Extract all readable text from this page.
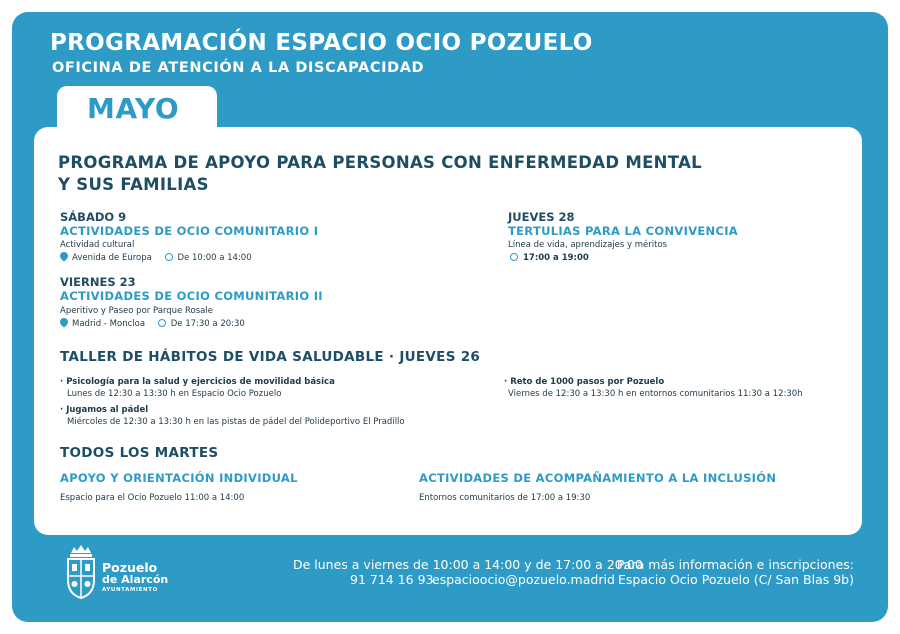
PROGRAMACIÓN ESPACIO OCIO POZUELO
OFICINA DE ATENCIÓN A LA DISCAPACIDAD
MAYO
PROGRAMA DE APOYO PARA PERSONAS CON ENFERMEDAD MENTAL
Y SUS FAMILIAS
SÁBADO 9
ACTIVIDADES DE OCIO COMUNITARIO I
Actividad cultural
Avenida de Europa	De 10:00 a 14:00
VIERNES 23
ACTIVIDADES DE OCIO COMUNITARIO II
Aperitivo y Paseo por Parque Rosale
Madrid - Moncloa	De 17:30 a 20:30
JUEVES 28
TERTULIAS PARA LA CONVIVENCIA
Línea de vida, aprendizajes y méritos
17:00 a 19:00
TALLER DE HÁBITOS DE VIDA SALUDABLE · JUEVES 26
· Psicología para la salud y ejercicios de movilidad básica
Lunes de 12:30 a 13:30 h en Espacio Ocio Pozuelo
· Jugamos al pádel
Miércoles de 12:30 a 13:30 h en las pistas de pádel del Polideportivo El Pradillo
· Reto de 1000 pasos por Pozuelo
Viernes de 12:30 a 13:30 h en entornos comunitarios 11:30 a 12:30h
TODOS LOS MARTES
APOYO Y ORIENTACIÓN INDIVIDUAL
Espacio para el Ocio Pozuelo 11:00 a 14:00
ACTIVIDADES DE ACOMPAÑAMIENTO A LA INCLUSIÓN
Entornos comunitarios de 17:00 a 19:30
Pozuelo
de Alarcón
AYUNTAMIENTO
De lunes a viernes de 10:00 a 14:00 y de 17:00 a 20:00
91 714 16 93
espacioocio@pozuelo.madrid
Para más información e inscripciones:
Espacio Ocio Pozuelo (C/ San Blas 9b)
